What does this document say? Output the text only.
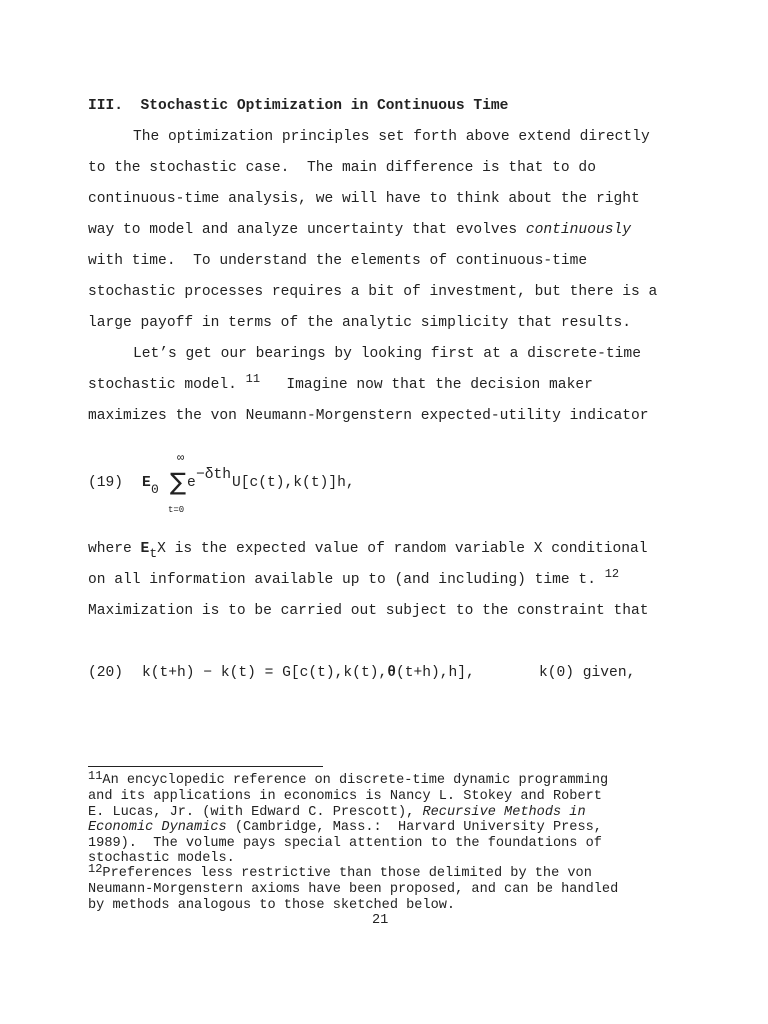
III.  Stochastic Optimization in Continuous Time
The optimization principles set forth above extend directly
to the stochastic case.  The main difference is that to do
continuous-time analysis, we will have to think about the right
way to model and analyze uncertainty that evolves continuously
with time.  To understand the elements of continuous-time
stochastic processes requires a bit of investment, but there is a
large payoff in terms of the analytic simplicity that results.
Let’s get our bearings by looking first at a discrete-time
stochastic model. $^{11}$   Imagine now that the decision maker
maximizes the von Neumann-Morgenstern expected-utility indicator
(19) E 0
∞
∑
t=0
e −δth U[c(t),k(t)]h,
where EtX is the expected value of random variable X conditional
on all information available up to (and including) time t. $^{12}$
Maximization is to be carried out subject to the constraint that
(20) k(t+h) − k(t) = G[c(t),k(t),θ(t+h),h],	k(0) given,
11An encyclopedic reference on discrete-time dynamic programming
and its applications in economics is Nancy L. Stokey and Robert
E. Lucas, Jr. (with Edward C. Prescott), Recursive Methods in
Economic Dynamics (Cambridge, Mass.:  Harvard University Press,
1989).  The volume pays special attention to the foundations of
stochastic models.
12Preferences less restrictive than those delimited by the von
Neumann-Morgenstern axioms have been proposed, and can be handled
by methods analogous to those sketched below.
21
